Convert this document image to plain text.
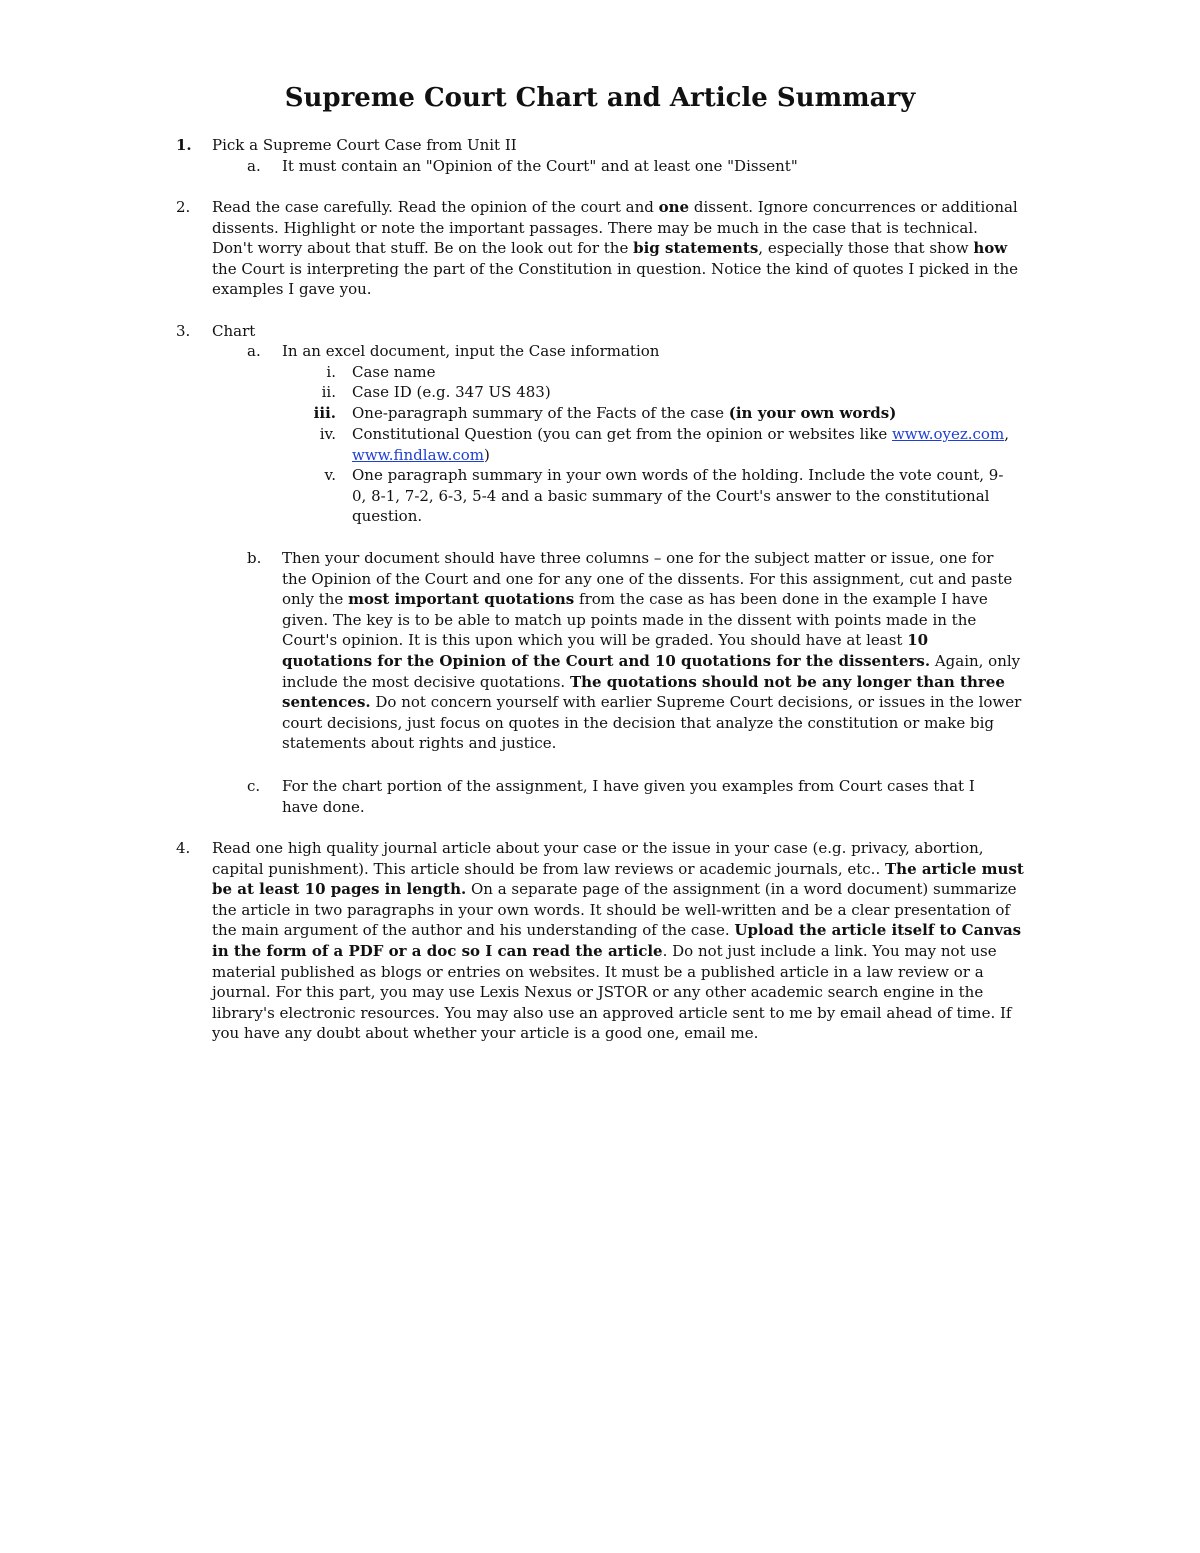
Supreme Court Chart and Article Summary
1.	Pick a Supreme Court Case from Unit II

a.	It must contain an "Opinion of the Court" and at least one "Dissent"

2.	Read the case carefully. Read the opinion of the court and one dissent. Ignore concurrences or additional dissents. Highlight or note the important passages. There may be much in the case that is technical. Don't worry about that stuff. Be on the look out for the big statements, especially those that show how the Court is interpreting the part of the Constitution in question. Notice the kind of quotes I picked in the examples I gave you.

3.	Chart

a.	In an excel document, input the Case information

i. Case name

ii. Case ID (e.g. 347 US 483)

iii. One-paragraph summary of the Facts of the case (in your own words)

iv. Constitutional Question (you can get from the opinion or websites like www.oyez.com, www.findlaw.com)

v. One paragraph summary in your own words of the holding. Include the vote count, 9-0, 8-1, 7-2, 6-3, 5-4 and a basic summary of the Court's answer to the constitutional question.

b.	Then your document should have three columns – one for the subject matter or issue, one for the Opinion of the Court and one for any one of the dissents. For this assignment, cut and paste only the most important quotations from the case as has been done in the example I have given. The key is to be able to match up points made in the dissent with points made in the Court's opinion. It is this upon which you will be graded. You should have at least 10 quotations for the Opinion of the Court and 10 quotations for the dissenters. Again, only include the most decisive quotations. The quotations should not be any longer than three sentences. Do not concern yourself with earlier Supreme Court decisions, or issues in the lower court decisions, just focus on quotes in the decision that analyze the constitution or make big statements about rights and justice.

c.	For the chart portion of the assignment, I have given you examples from Court cases that I have done.

4.	Read one high quality journal article about your case or the issue in your case (e.g. privacy, abortion, capital punishment). This article should be from law reviews or academic journals, etc.. The article must be at least 10 pages in length. On a separate page of the assignment (in a word document) summarize the article in two paragraphs in your own words. It should be well-written and be a clear presentation of the main argument of the author and his understanding of the case. Upload the article itself to Canvas in the form of a PDF or a doc so I can read the article. Do not just include a link. You may not use material published as blogs or entries on websites. It must be a published article in a law review or a journal. For this part, you may use Lexis Nexus or JSTOR or any other academic search engine in the library's electronic resources. You may also use an approved article sent to me by email ahead of time. If you have any doubt about whether your article is a good one, email me.
